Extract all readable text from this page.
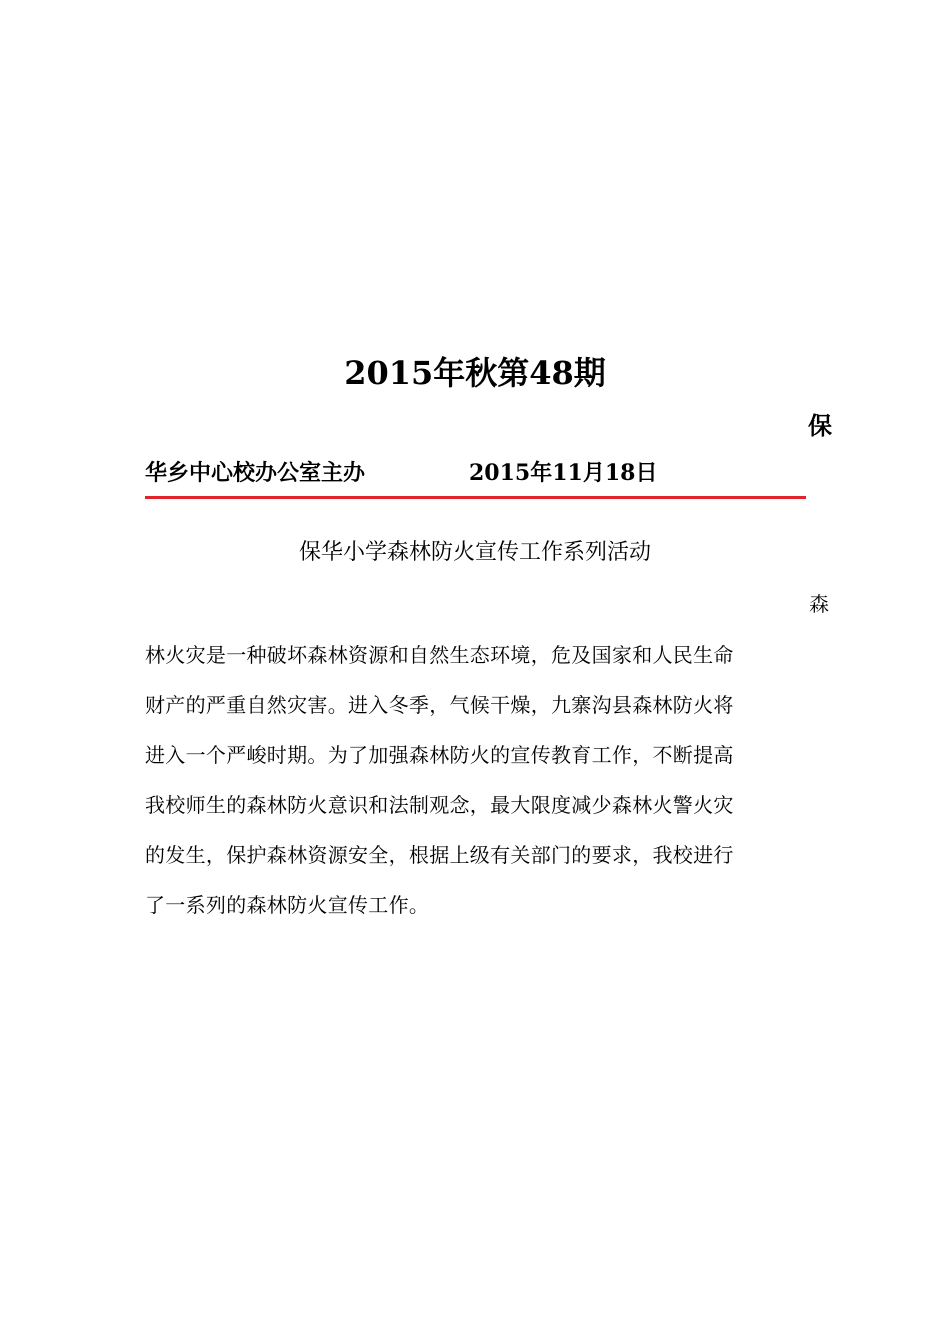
2015年秋第48期
保
华乡中心校办公室主办	2015年11月18日
保华小学森林防火宣传工作系列活动
森
林火灾是一种破坏森林资源和自然生态环境，危及国家和人民生命
财产的严重自然灾害。进入冬季，气候干燥，九寨沟县森林防火将
进入一个严峻时期。为了加强森林防火的宣传教育工作，不断提高
我校师生的森林防火意识和法制观念，最大限度减少森林火警火灾
的发生，保护森林资源安全，根据上级有关部门的要求，我校进行
了一系列的森林防火宣传工作。
